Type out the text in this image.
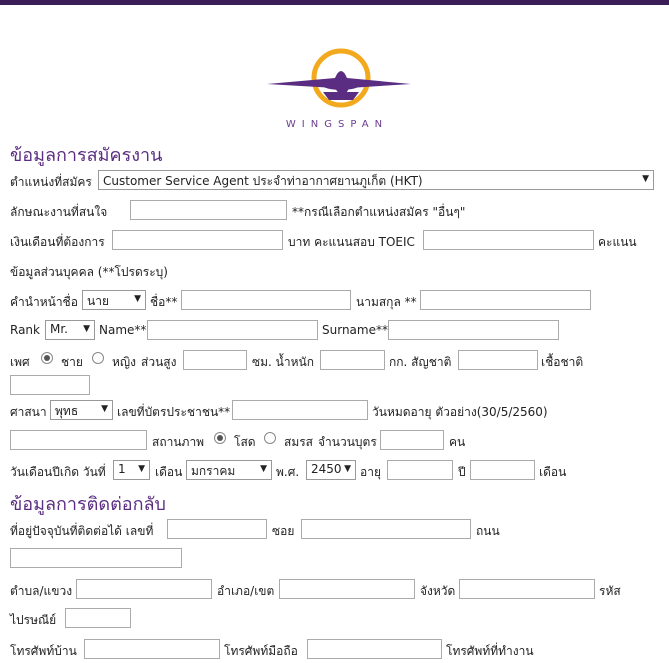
WINGSPAN
ข้อมูลการสมัครงาน
ตำแหน่งที่สมัคร Customer Service Agent ประจำท่าอากาศยานภูเก็ต (HKT)	▼
ลักษณะงานที่สนใจ	**กรณีเลือกตำแหน่งสมัคร "อื่นๆ"
เงินเดือนที่ต้องการ	บาท คะแนนสอบ TOEIC	คะแนน
ข้อมูลส่วนบุคคล (**โปรดระบุ)
คำนำหน้าชื่อ นาย	▼ ชื่อ**	นามสกุล **
Rank Mr. ▼ Name**	Surname**
เพศ	ชาย หญิง ส่วนสูง	ซม. น้ำหนัก	กก. สัญชาติ	เชื้อชาติ
ศาสนา พุทธ	▼ เลขที่บัตรประชาชน**	วันหมดอายุ ตัวอย่าง(30/5/2560)
สถานภาพ โสด สมรส จำนวนบุตร	คน
วันเดือนปีเกิด วันที่	1 ▼ เดือน มกราคม	▼ พ.ศ. 2450 ▼ อายุ	ปี	เดือน
ข้อมูลการติดต่อกลับ
ที่อยู่ปัจจุบันที่ติดต่อได้ เลขที่	ซอย	ถนน
ตำบล/แขวง	อำเภอ/เขต	จังหวัด	รหัส
ไปรษณีย์
โทรศัพท์บ้าน	โทรศัพท์มือถือ	โทรศัพท์ที่ทำงาน
